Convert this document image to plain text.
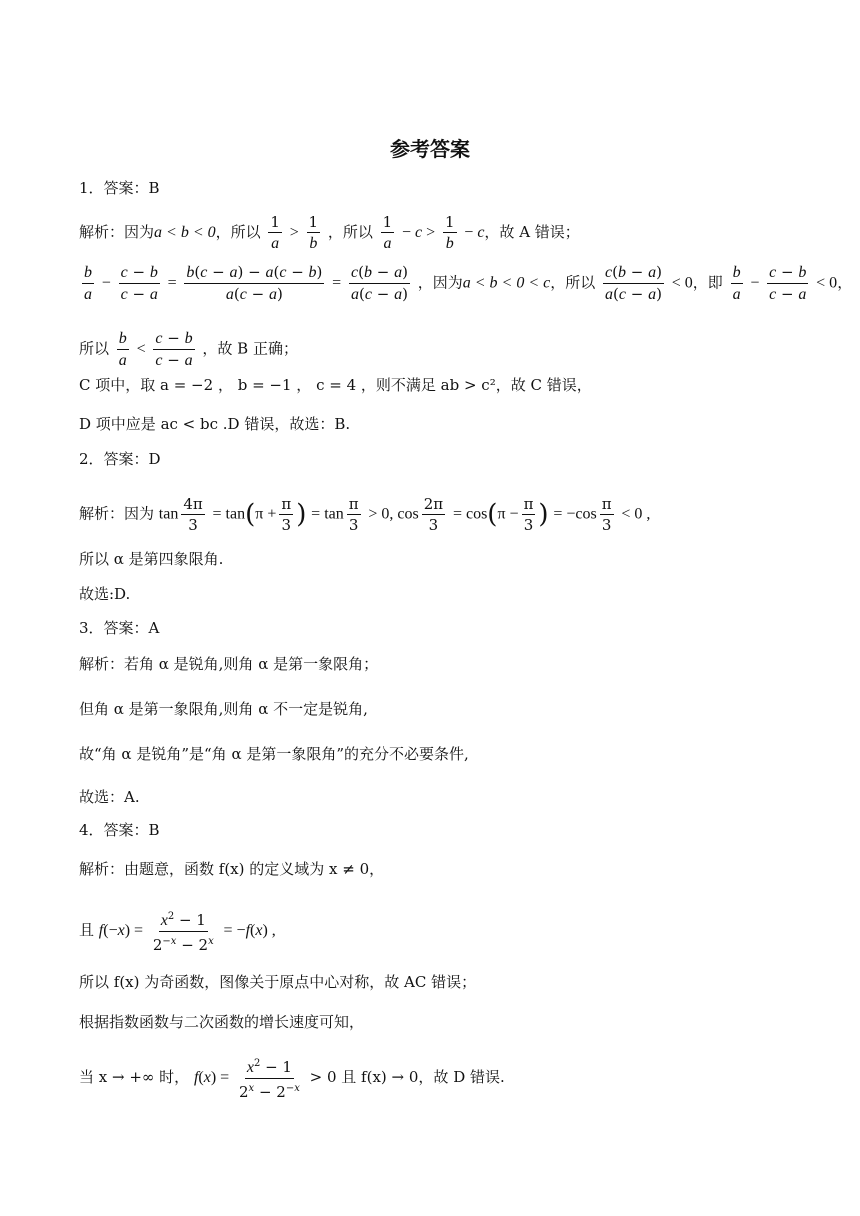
参考答案
1．答案：B
解析：因为a < b < 0，所以 $\frac{1}{a} > \frac{1}{b}$ ，所以 $\frac{1}{a} - c > \frac{1}{b} - c$，故 A 错误；
$\frac{b}{a} - \frac{c - b}{c - a} = \frac{b(c - a) - a(c - b)}{a(c - a)} = \frac{c(b - a)}{a(c - a)}$ ，因为a < b < 0 < c，所以 $\frac{c(b - a)}{a(c - a)} < 0$，即 $\frac{b}{a} - \frac{c - b}{c - a} < 0$，
所以 $\frac{b}{a} < \frac{c - b}{c - a}$ ，故 B 正确；
C 项中，取 a = −2 ， b = −1 ， c = 4 ，则不满足 ab > c²，故 C 错误，
D 项中应是 ac < bc .D 错误，故选：B.
2．答案：D
解析：因为 $\tan \frac{4\pi}{3} = \tan(\pi + \frac{\pi}{3}$ ) = $\tan \frac{\pi}{3} > 0$, $\cos \frac{2\pi}{3} = \cos(\pi - \frac{\pi}{3}$ ) = $-\cos \frac{\pi}{3} < 0$ ,
所以 α 是第四象限角.
故选:D.
3．答案：A
解析：若角 α 是锐角,则角 α 是第一象限角；
但角 α 是第一象限角,则角 α 不一定是锐角,
故“角 α 是锐角”是“角 α 是第一象限角”的充分不必要条件,
故选：A.
4．答案：B
解析：由题意，函数 f(x) 的定义域为 x ≠ 0，
且 $f(-x) = \frac{x^2 - 1}{2^{-x} - 2^x} = -f(x)$ ,
所以 f(x) 为奇函数，图像关于原点中心对称，故 AC 错误；
根据指数函数与二次函数的增长速度可知，
当 x → +∞ 时， $f(x) = \frac{x^2 - 1}{2^x - 2^{-x}} > 0$ 且 f(x) → 0，故 D 错误.
